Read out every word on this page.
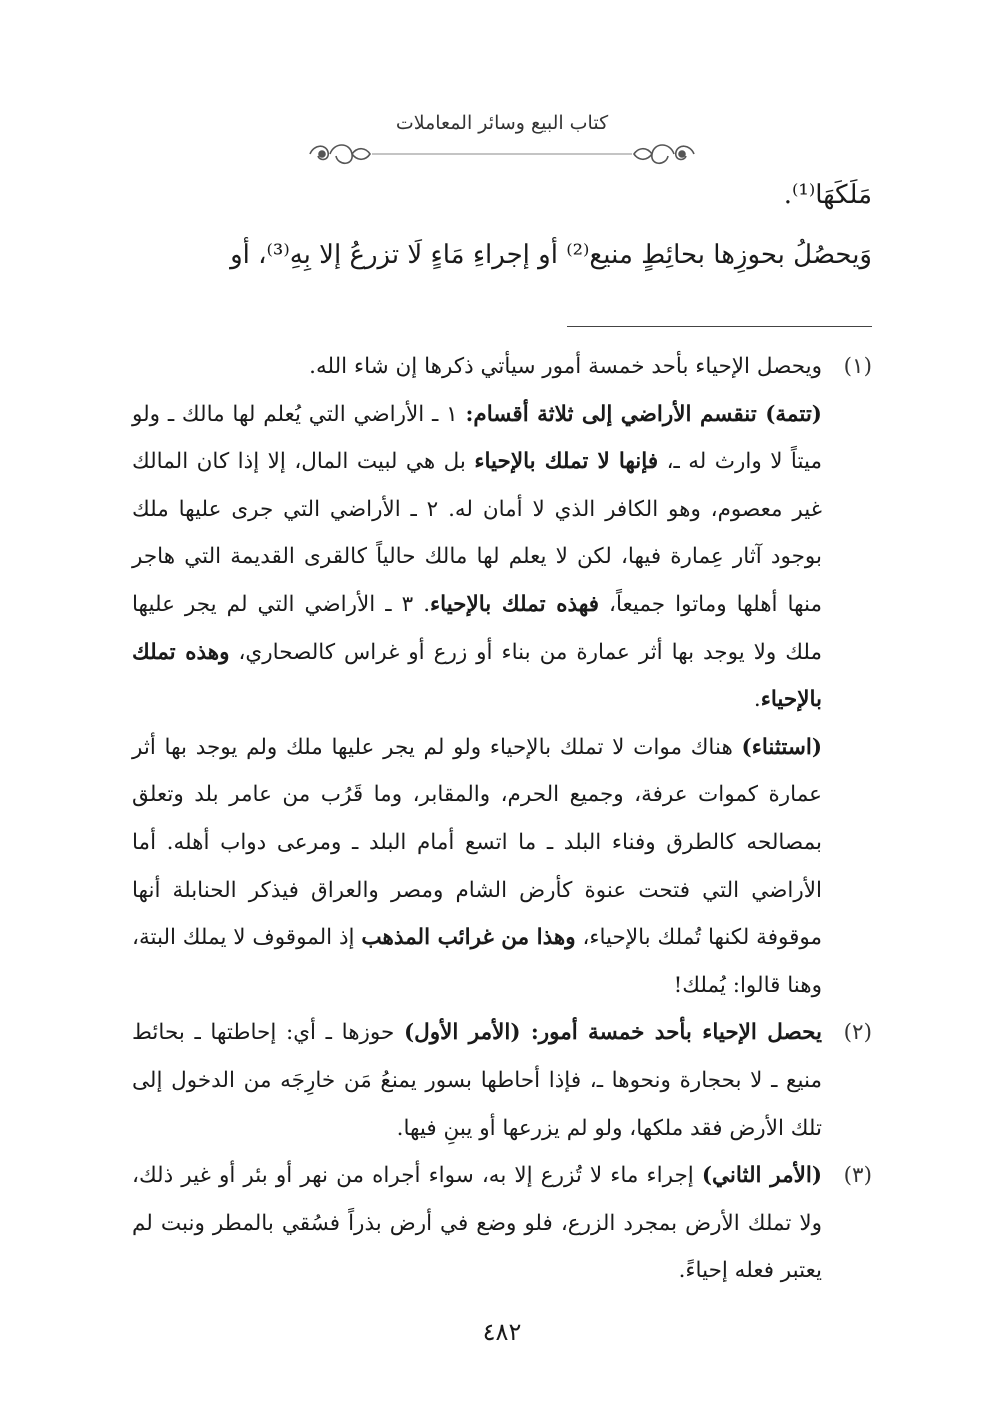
كتاب البيع وسائر المعاملات
مَلَكَهَا⁽¹⁾.
وَيحصُلُ بحوزِها بحائِطٍ منيع⁽²⁾ أو إجراءِ مَاءٍ لَا تزرعُ إلا بِهِ⁽³⁾، أو
(١)

ويحصل الإحياء بأحد خمسة أمور سيأتي ذكرها إن شاء الله.

(تتمة) تنقسم الأراضي إلى ثلاثة أقسام: ١ ـ الأراضي التي يُعلم لها مالك ـ ولو ميتاً لا وارث له ـ، فإنها لا تملك بالإحياء بل هي لبيت المال، إلا إذا كان المالك غير معصوم، وهو الكافر الذي لا أمان له. ٢ ـ الأراضي التي جرى عليها ملك بوجود آثار عِمارة فيها، لكن لا يعلم لها مالك حالياً كالقرى القديمة التي هاجر منها أهلها وماتوا جميعاً، فهذه تملك بالإحياء. ٣ ـ الأراضي التي لم يجر عليها ملك ولا يوجد بها أثر عمارة من بناء أو زرع أو غراس كالصحاري، وهذه تملك بالإحياء.

(استثناء) هناك موات لا تملك بالإحياء ولو لم يجر عليها ملك ولم يوجد بها أثر عمارة كموات عرفة، وجميع الحرم، والمقابر، وما قَرُب من عامر بلد وتعلق بمصالحه كالطرق وفناء البلد ـ ما اتسع أمام البلد ـ ومرعى دواب أهله. أما الأراضي التي فتحت عنوة كأرض الشام ومصر والعراق فيذكر الحنابلة أنها موقوفة لكنها تُملك بالإحياء، وهذا من غرائب المذهب إذ الموقوف لا يملك البتة، وهنا قالوا: يُملك!

(٢)

يحصل الإحياء بأحد خمسة أمور: (الأمر الأول) حوزها ـ أي: إحاطتها ـ بحائط منيع ـ لا بحجارة ونحوها ـ، فإذا أحاطها بسور يمنعُ مَن خارِجَه من الدخول إلى تلك الأرض فقد ملكها، ولو لم يزرعها أو يبنِ فيها.

(٣)

(الأمر الثاني) إجراء ماء لا تُزرع إلا به، سواء أجراه من نهر أو بئر أو غير ذلك، ولا تملك الأرض بمجرد الزرع، فلو وضع في أرض بذراً فسُقي بالمطر ونبت لم يعتبر فعله إحياءً.

٤٨٢
